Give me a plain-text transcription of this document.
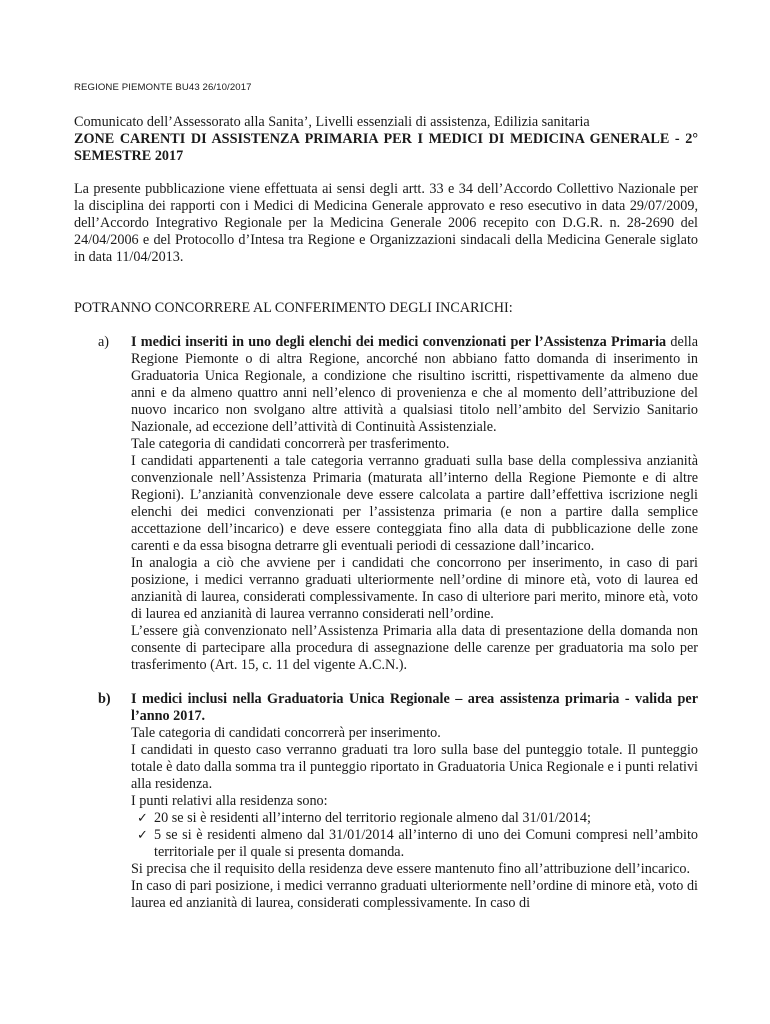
REGIONE PIEMONTE BU43 26/10/2017

Comunicato dell’Assessorato alla Sanita’, Livelli essenziali di assistenza, Edilizia sanitaria

ZONE CARENTI DI ASSISTENZA PRIMARIA PER I MEDICI DI MEDICINA GENERALE - 2° SEMESTRE 2017

La presente pubblicazione viene effettuata ai sensi degli artt. 33 e 34 dell’Accordo Collettivo Nazionale per la disciplina dei rapporti con i Medici di Medicina Generale approvato e reso esecutivo in data 29/07/2009, dell’Accordo Integrativo Regionale per la Medicina Generale 2006 recepito con D.G.R. n. 28-2690 del 24/04/2006 e del Protocollo d’Intesa tra Regione e Organizzazioni sindacali della Medicina Generale siglato in data 11/04/2013.

POTRANNO CONCORRERE AL CONFERIMENTO DEGLI INCARICHI:

a) I medici inseriti in uno degli elenchi dei medici convenzionati per l’Assistenza Primaria della Regione Piemonte o di altra Regione, ancorché non abbiano fatto domanda di inserimento in Graduatoria Unica Regionale, a condizione che risultino iscritti, rispettivamente da almeno due anni e da almeno quattro anni nell’elenco di provenienza e che al momento dell’attribuzione del nuovo incarico non svolgano altre attività a qualsiasi titolo nell’ambito del Servizio Sanitario Nazionale, ad eccezione dell’attività di Continuità Assistenziale.

Tale categoria di candidati concorrerà per trasferimento.

I candidati appartenenti a tale categoria verranno graduati sulla base della complessiva anzianità convenzionale nell’Assistenza Primaria (maturata all’interno della Regione Piemonte e di altre Regioni). L’anzianità convenzionale deve essere calcolata a partire dall’effettiva iscrizione negli elenchi dei medici convenzionati per l’assistenza primaria (e non a partire dalla semplice accettazione dell’incarico) e deve essere conteggiata fino alla data di pubblicazione delle zone carenti e da essa bisogna detrarre gli eventuali periodi di cessazione dall’incarico.

In analogia a ciò che avviene per i candidati che concorrono per inserimento, in caso di pari posizione, i medici verranno graduati ulteriormente nell’ordine di minore età, voto di laurea ed anzianità di laurea, considerati complessivamente. In caso di ulteriore pari merito, minore età, voto di laurea ed anzianità di laurea verranno considerati nell’ordine.

L’essere già convenzionato nell’Assistenza Primaria alla data di presentazione della domanda non consente di partecipare alla procedura di assegnazione delle carenze per graduatoria ma solo per trasferimento (Art. 15, c. 11 del vigente A.C.N.).

b) I medici inclusi nella Graduatoria Unica Regionale – area assistenza primaria - valida per l’anno 2017.

Tale categoria di candidati concorrerà per inserimento.

I candidati in questo caso verranno graduati tra loro sulla base del punteggio totale. Il punteggio totale è dato dalla somma tra il punteggio riportato in Graduatoria Unica Regionale e i punti relativi alla residenza.

I punti relativi alla residenza sono:

✓ 20 se si è residenti all’interno del territorio regionale almeno dal 31/01/2014;
✓ 5 se si è residenti almeno dal 31/01/2014 all’interno di uno dei Comuni compresi nell’ambito territoriale per il quale si presenta domanda.

Si precisa che il requisito della residenza deve essere mantenuto fino all’attribuzione dell’incarico.

In caso di pari posizione, i medici verranno graduati ulteriormente nell’ordine di minore età, voto di laurea ed anzianità di laurea, considerati complessivamente. In caso di
